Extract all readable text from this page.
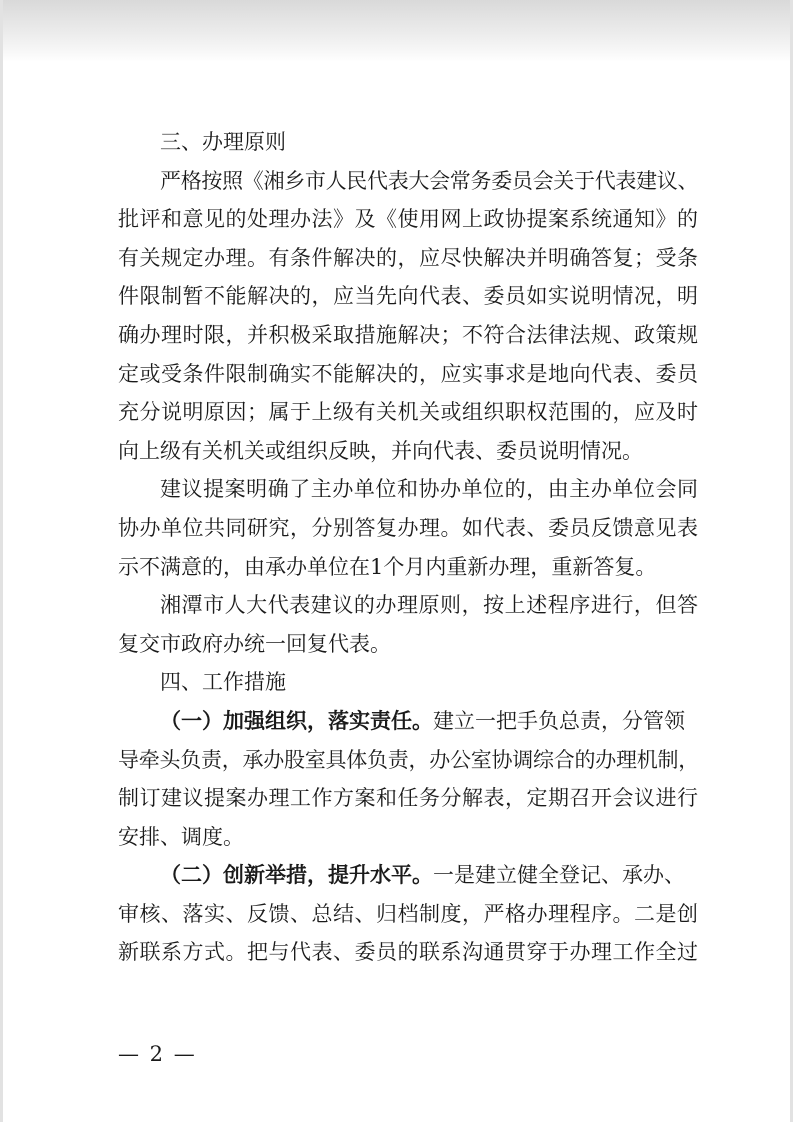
三、办理原则
严格按照《湘乡市人民代表大会常务委员会关于代表建议、
批评和意见的处理办法》及《使用网上政协提案系统通知》的
有关规定办理。有条件解决的，应尽快解决并明确答复；受条
件限制暂不能解决的，应当先向代表、委员如实说明情况，明
确办理时限，并积极采取措施解决；不符合法律法规、政策规
定或受条件限制确实不能解决的，应实事求是地向代表、委员
充分说明原因；属于上级有关机关或组织职权范围的，应及时
向上级有关机关或组织反映，并向代表、委员说明情况。
建议提案明确了主办单位和协办单位的，由主办单位会同
协办单位共同研究，分别答复办理。如代表、委员反馈意见表
示不满意的，由承办单位在1个月内重新办理，重新答复。
湘潭市人大代表建议的办理原则，按上述程序进行，但答
复交市政府办统一回复代表。
四、工作措施
（一）加强组织，落实责任。建立一把手负总责，分管领
导牵头负责，承办股室具体负责，办公室协调综合的办理机制，
制订建议提案办理工作方案和任务分解表，定期召开会议进行
安排、调度。
（二）创新举措，提升水平。一是建立健全登记、承办、
审核、落实、反馈、总结、归档制度，严格办理程序。二是创
新联系方式。把与代表、委员的联系沟通贯穿于办理工作全过
— 2 —
